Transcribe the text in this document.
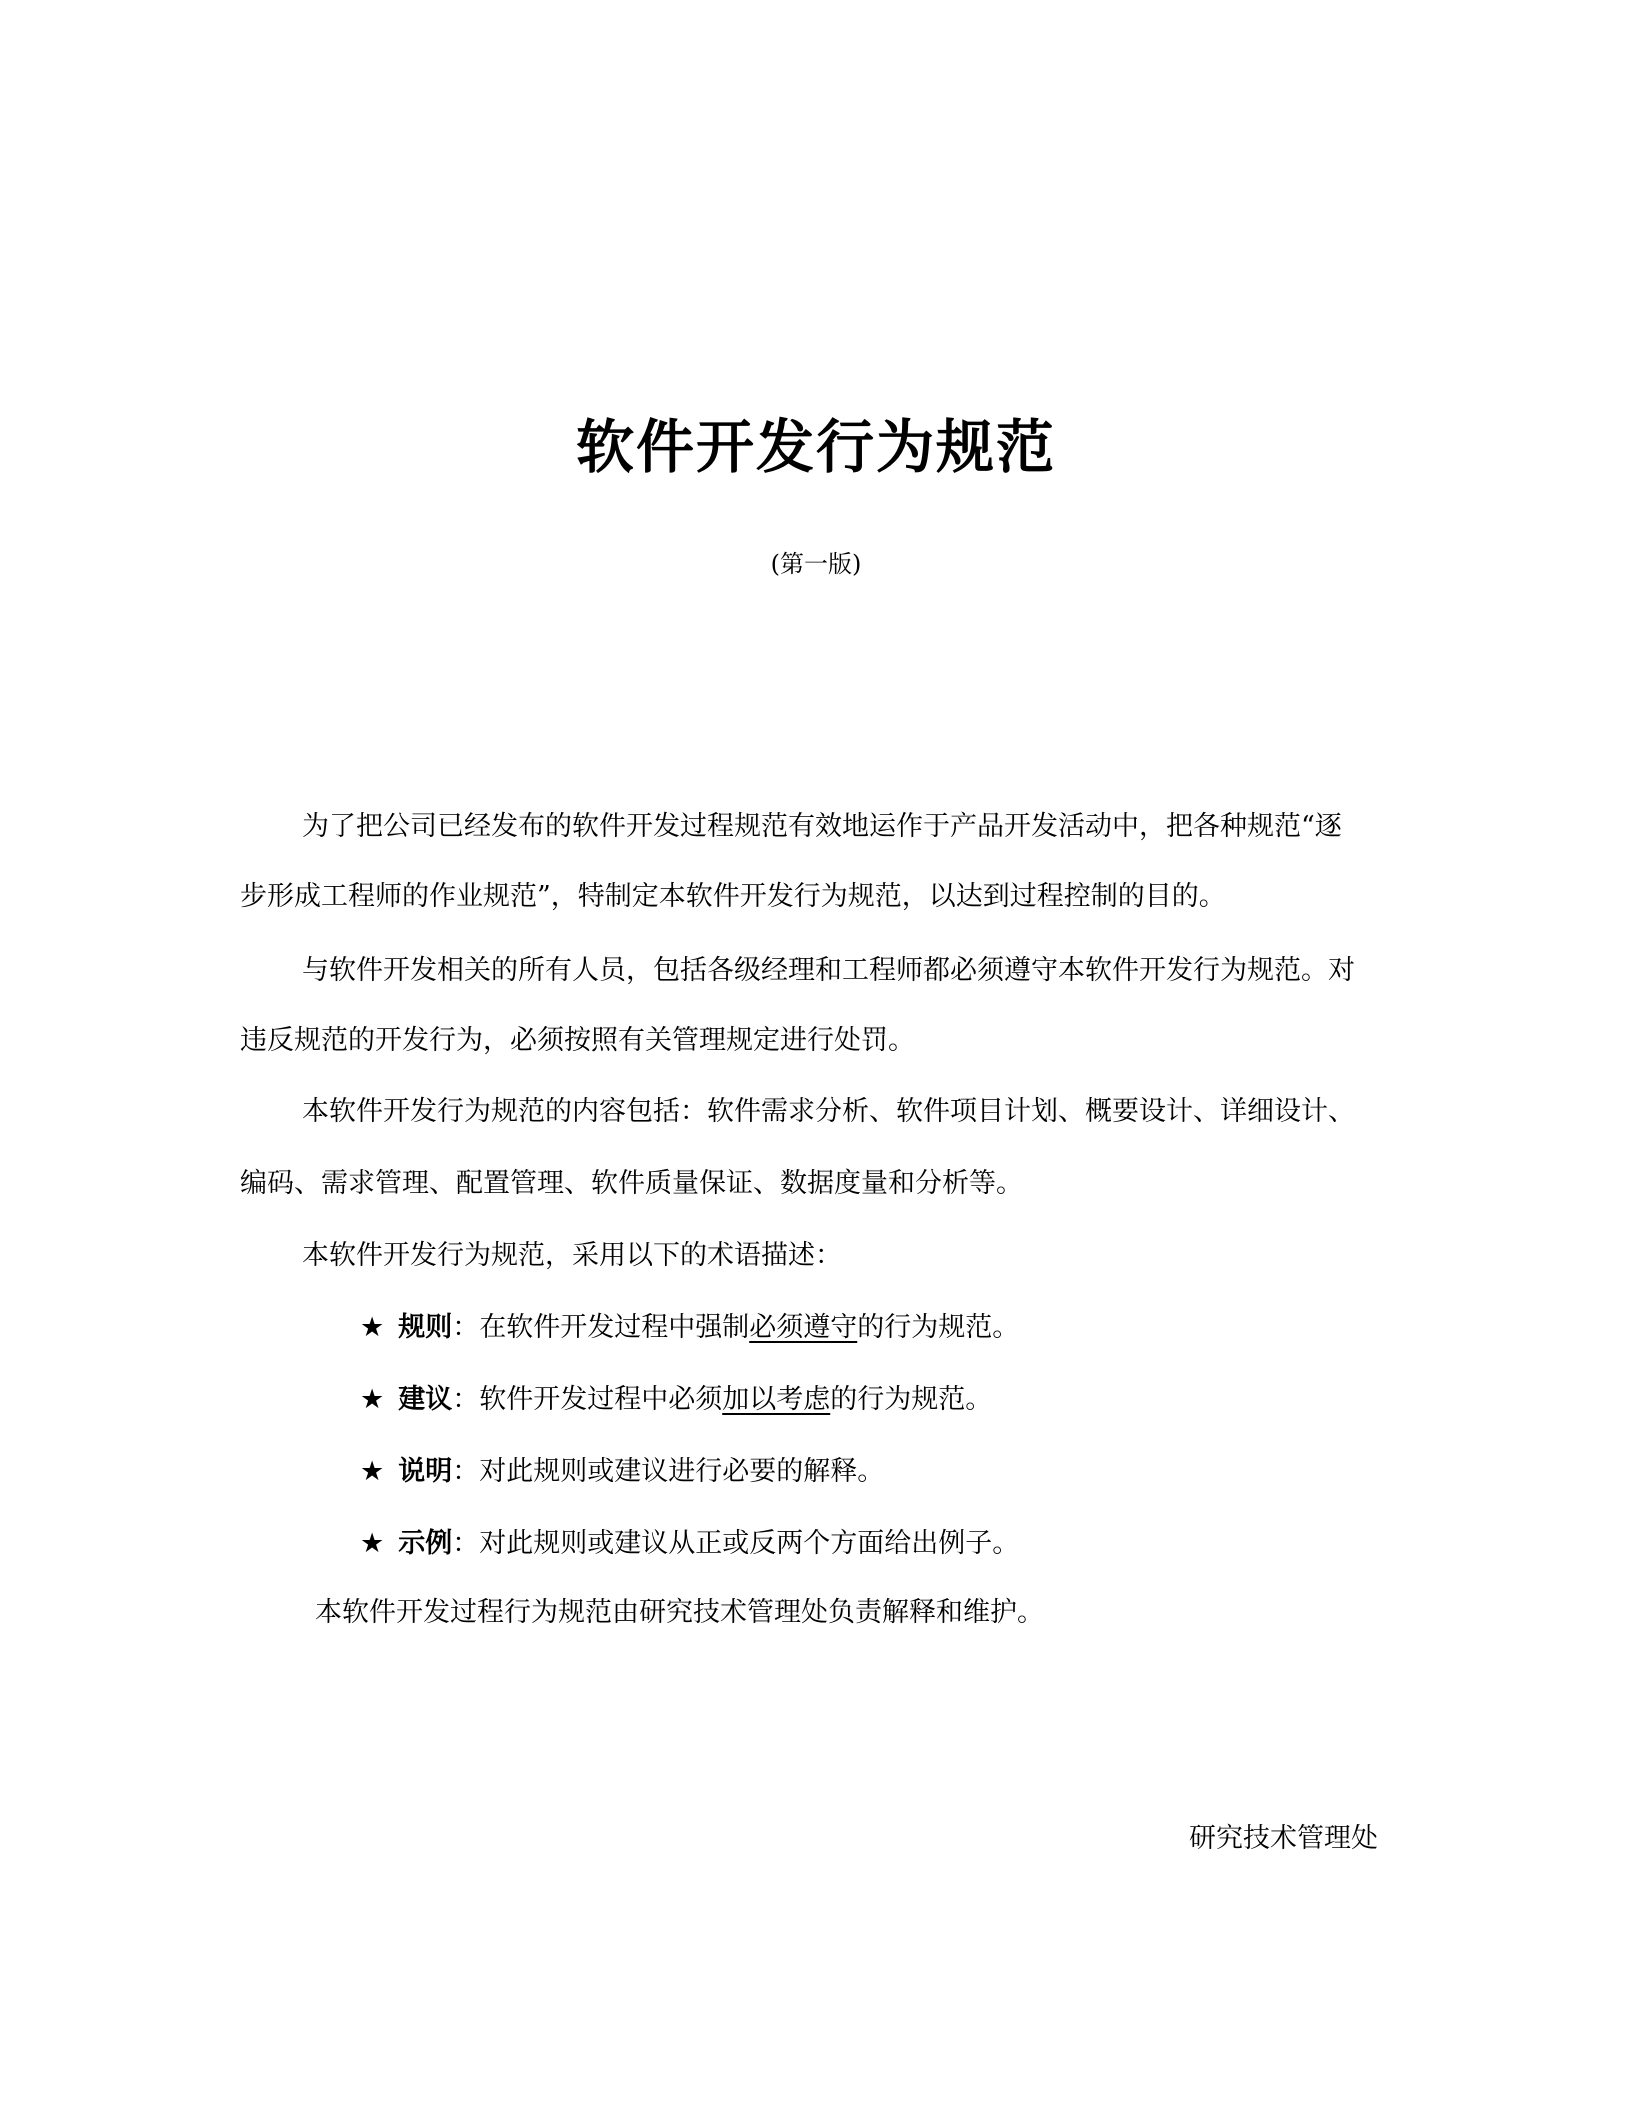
软件开发行为规范
(第一版)
为了把公司已经发布的软件开发过程规范有效地运作于产品开发活动中，把各种规范“逐
步形成工程师的作业规范”，特制定本软件开发行为规范，以达到过程控制的目的。
与软件开发相关的所有人员，包括各级经理和工程师都必须遵守本软件开发行为规范。对
违反规范的开发行为，必须按照有关管理规定进行处罚。
本软件开发行为规范的内容包括：软件需求分析、软件项目计划、概要设计、详细设计、
编码、需求管理、配置管理、软件质量保证、数据度量和分析等。
本软件开发行为规范，采用以下的术语描述：
★ 规则：在软件开发过程中强制必须遵守的行为规范。
★ 建议：软件开发过程中必须加以考虑的行为规范。
★ 说明：对此规则或建议进行必要的解释。
★ 示例：对此规则或建议从正或反两个方面给出例子。
本软件开发过程行为规范由研究技术管理处负责解释和维护。
研究技术管理处
